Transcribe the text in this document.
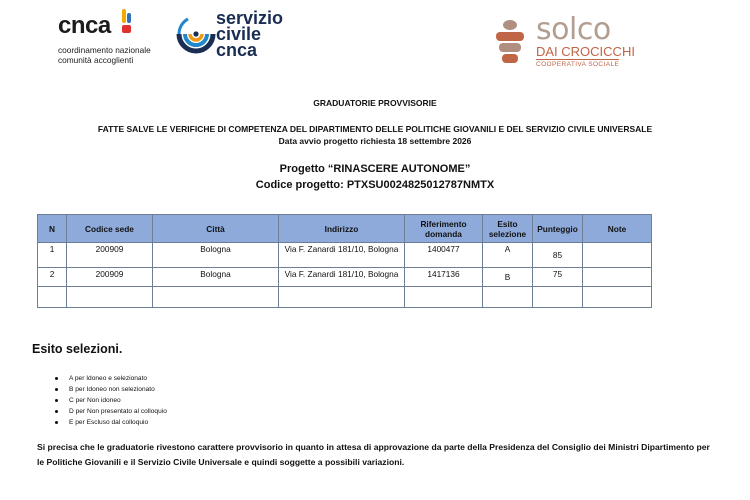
cnca
coordinamento nazionale
comunità accoglienti
servizio
civile
cnca
solco
DAI CROCICCHI
COOPERATIVA SOCIALE
GRADUATORIE PROVVISORIE
FATTE SALVE LE VERIFICHE DI COMPETENZA DEL DIPARTIMENTO DELLE POLITICHE GIOVANILI E DEL SERVIZIO CIVILE UNIVERSALE
Data avvio progetto richiesta 18 settembre 2026
Progetto “RINASCERE AUTONOME”
Codice progetto: PTXSU0024825012787NMTX
N	Codice sede	Città	Indirizzo	Riferimento domanda	Esito selezione	Punteggio	Note
1	200909	Bologna	Via F. Zanardi 181/10, Bologna	1400477	A	85	
2	200909	Bologna	Via F. Zanardi 181/10, Bologna	1417136	B	75	

Esito selezioni.
A per Idoneo e selezionato
B per Idoneo non selezionato
C per Non idoneo
D per Non presentato al colloquio
E per Escluso dal colloquio
Si precisa che le graduatorie rivestono carattere provvisorio in quanto in attesa di approvazione da parte della Presidenza del Consiglio dei Ministri Dipartimento per le Politiche Giovanili e il Servizio Civile Universale e quindi soggette a possibili variazioni.
